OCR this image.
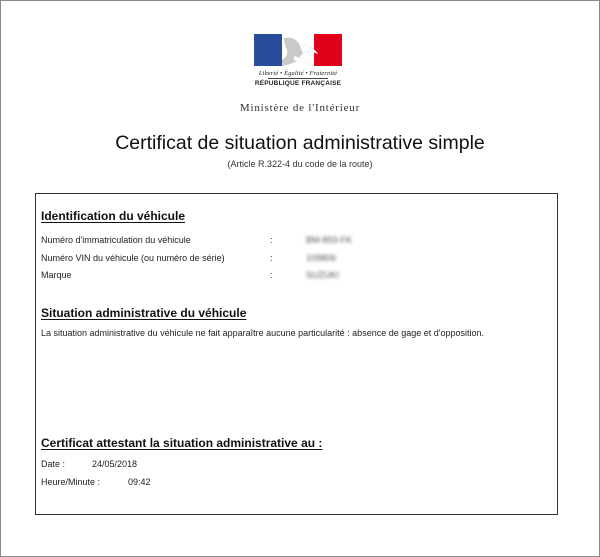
Liberté • Égalité • Fraternité
RÉPUBLIQUE FRANÇAISE
Ministère de l'Intérieur
Certificat de situation administrative simple
(Article R.322-4 du code de la route)
Identification du véhicule
Numéro d'immatriculation du véhicule	:	BM-893-FK
Numéro VIN du véhicule (ou numéro de série)	:	109806
Marque	:	SUZUKI
Situation administrative du véhicule
La situation administrative du véhicule ne fait apparaître aucune particularité : absence de gage et d'opposition.
Certificat attestant la situation administrative au :
Date :	24/05/2018
Heure/Minute :	09:42
